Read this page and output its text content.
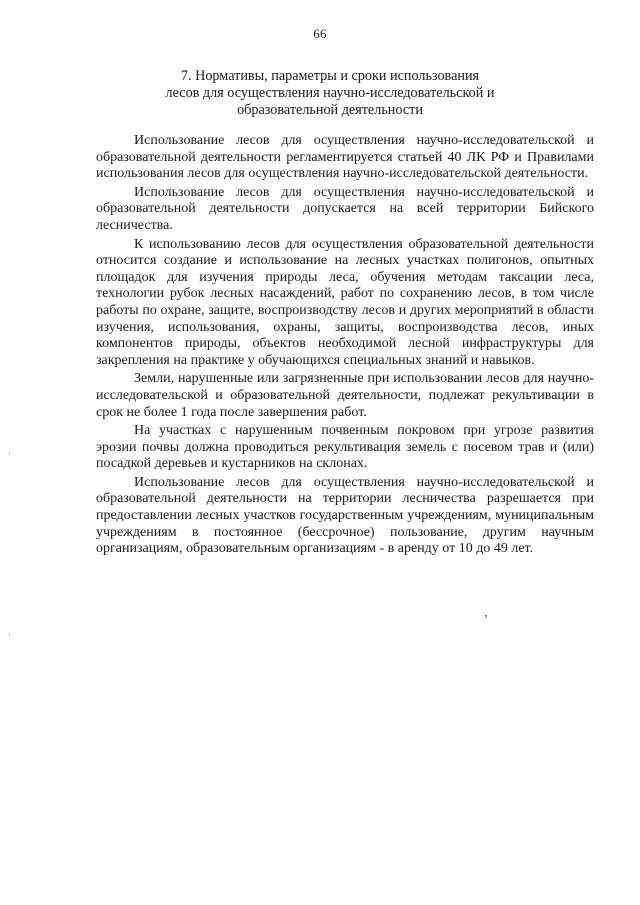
66
7. Нормативы, параметры и сроки использования
лесов для осуществления научно-исследовательской и
образовательной деятельности

Использование лесов для осуществления научно-исследовательской и образовательной деятельности регламентируется статьей 40 ЛК РФ и Правилами использования лесов для осуществления научно-исследовательской деятельности.

Использование лесов для осуществления научно-исследовательской и образовательной деятельности допускается на всей территории Бийского лесничества.

К использованию лесов для осуществления образовательной деятельности относится создание и использование на лесных участках полигонов, опытных площадок для изучения природы леса, обучения методам таксации леса, технологии рубок лесных насаждений, работ по сохранению лесов, в том числе работы по охране, защите, воспроизводству лесов и других мероприятий в области изучения, использования, охраны, защиты, воспроизводства лесов, иных компонентов природы, объектов необходимой лесной инфраструктуры для закрепления на практике у обучающихся специальных знаний и навыков.

Земли, нарушенные или загрязненные при использовании лесов для научно-исследовательской и образовательной деятельности, подлежат рекультивации в срок не более 1 года после завершения работ.

На участках с нарушенным почвенным покровом при угрозе развития эрозии почвы должна проводиться рекультивация земель с посевом трав и (или) посадкой деревьев и кустарников на склонах.

Использование лесов для осуществления научно-исследовательской и образовательной деятельности на территории лесничества разрешается при предоставлении лесных участков государственным учреждениям, муниципальным учреждениям в постоянное (бессрочное) пользование, другим научным организациям, образовательным организациям - в аренду от 10 до 49 лет.

ʼ
